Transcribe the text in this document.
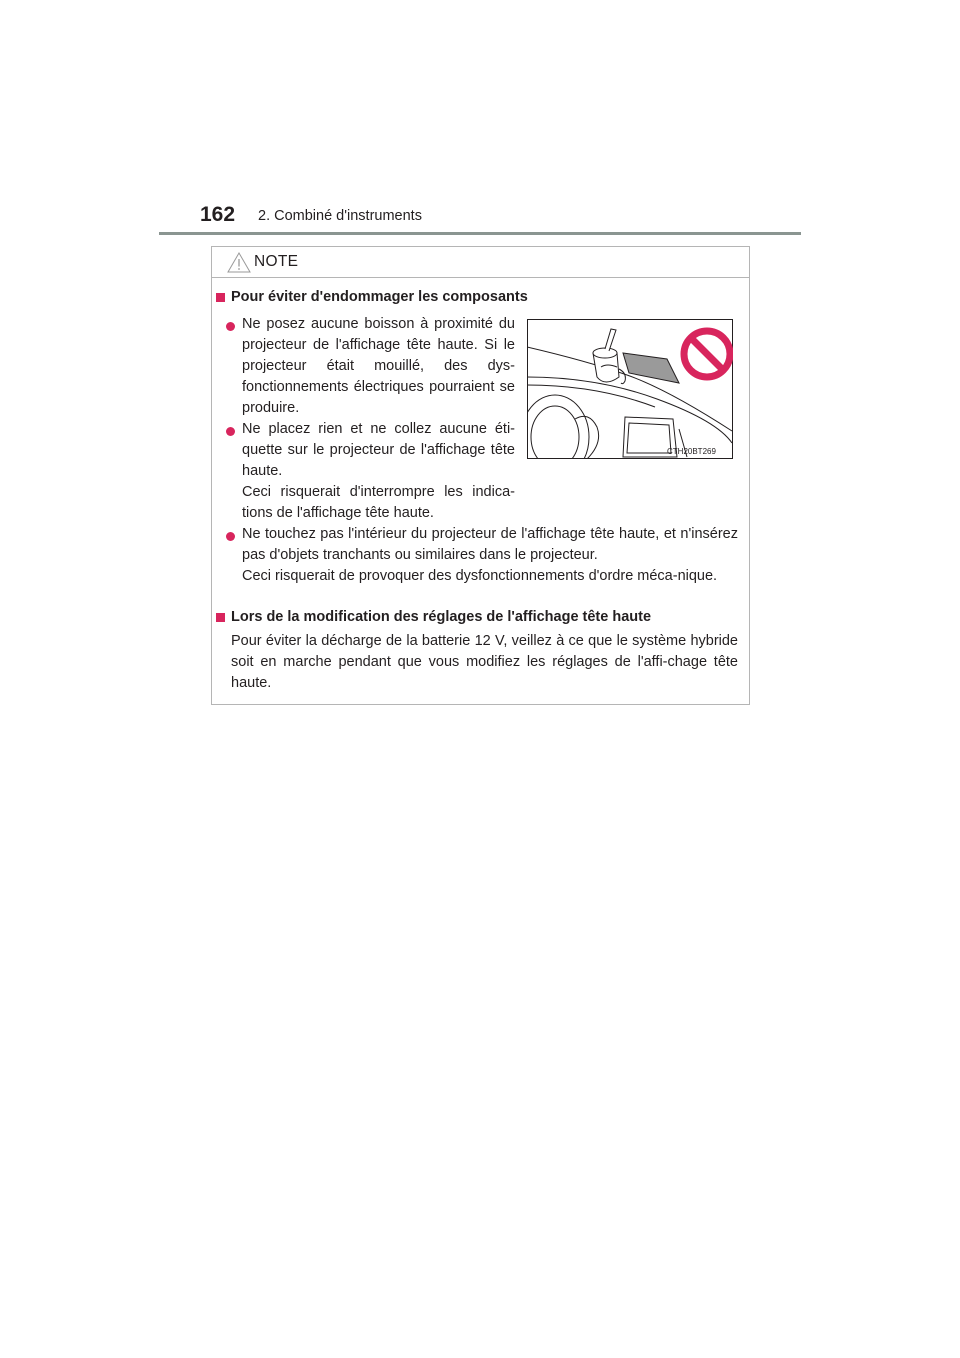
162 2. Combiné d'instruments
NOTE
Pour éviter d'endommager les composants
Ne posez aucune boisson à proximité du projecteur de l'affichage tête haute. Si le projecteur était mouillé, des dys-fonctionnements électriques pourraient se produire.
Ne placez rien et ne collez aucune éti-quette sur le projecteur de l'affichage tête haute.
Ceci risquerait d'interrompre les indica-tions de l'affichage tête haute.
CTH20BT269
Ne touchez pas l'intérieur du projecteur de l'affichage tête haute, et n'insérez pas d'objets tranchants ou similaires dans le projecteur.
Ceci risquerait de provoquer des dysfonctionnements d'ordre méca-nique.
Lors de la modification des réglages de l'affichage tête haute
Pour éviter la décharge de la batterie 12 V, veillez à ce que le système hybride soit en marche pendant que vous modifiez les réglages de l'affi-chage tête haute.
